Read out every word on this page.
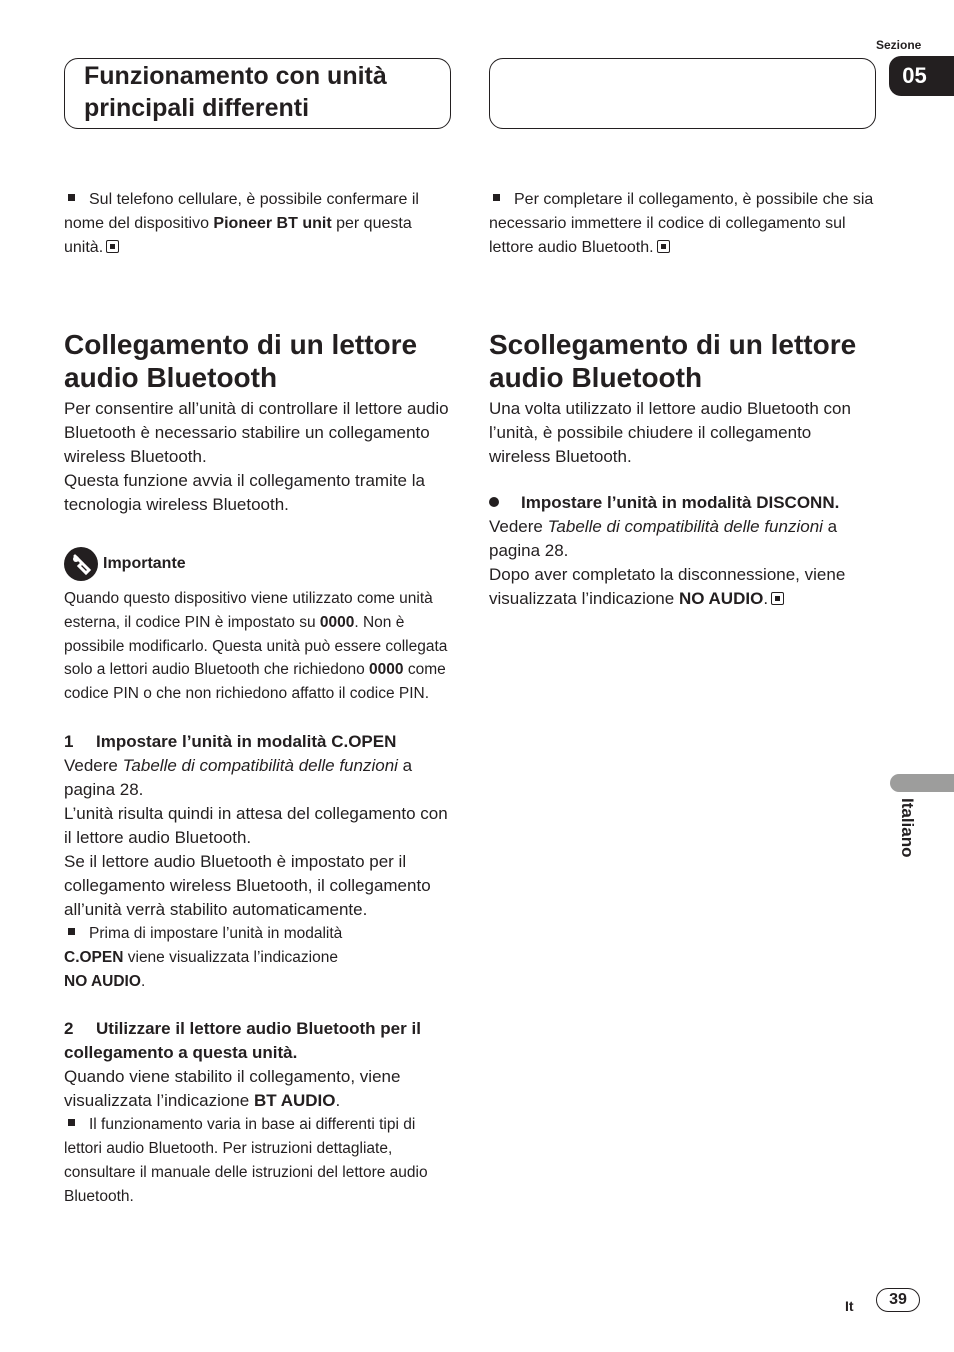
Funzionamento con unità principali differenti
Sezione
05

Sul telefono cellulare, è possibile confermare il nome del dispositivo Pioneer BT unit per questa unità.

Per completare il collegamento, è possibile che sia necessario immettere il codice di collegamento sul lettore audio Bluetooth.

Collegamento di un lettore audio Bluetooth

Per consentire all’unità di controllare il lettore audio Bluetooth è necessario stabilire un collegamento wireless Bluetooth.

Questa funzione avvia il collegamento tramite la tecnologia wireless Bluetooth.

Importante

Quando questo dispositivo viene utilizzato come unità esterna, il codice PIN è impostato su 0000. Non è possibile modificarlo. Questa unità può essere collegata solo a lettori audio Bluetooth che richiedono 0000 come codice PIN o che non richiedono affatto il codice PIN.

1 Impostare l’unità in modalità C.OPEN

Vedere Tabelle di compatibilità delle funzioni a pagina 28.

L’unità risulta quindi in attesa del collegamento con il lettore audio Bluetooth.

Se il lettore audio Bluetooth è impostato per il collegamento wireless Bluetooth, il collegamento all’unità verrà stabilito automaticamente.

Prima di impostare l’unità in modalità
C.OPEN viene visualizzata l’indicazione
NO AUDIO.

2 Utilizzare il lettore audio Bluetooth per il collegamento a questa unità.

Quando viene stabilito il collegamento, viene visualizzata l’indicazione BT AUDIO.

Il funzionamento varia in base ai differenti tipi di lettori audio Bluetooth. Per istruzioni dettagliate, consultare il manuale delle istruzioni del lettore audio Bluetooth.

Scollegamento di un lettore audio Bluetooth

Una volta utilizzato il lettore audio Bluetooth con l’unità, è possibile chiudere il collegamento wireless Bluetooth.

Impostare l’unità in modalità DISCONN.

Vedere Tabelle di compatibilità delle funzioni a pagina 28.

Dopo aver completato la disconnessione, viene visualizzata l’indicazione NO AUDIO.

Italiano
It	39
